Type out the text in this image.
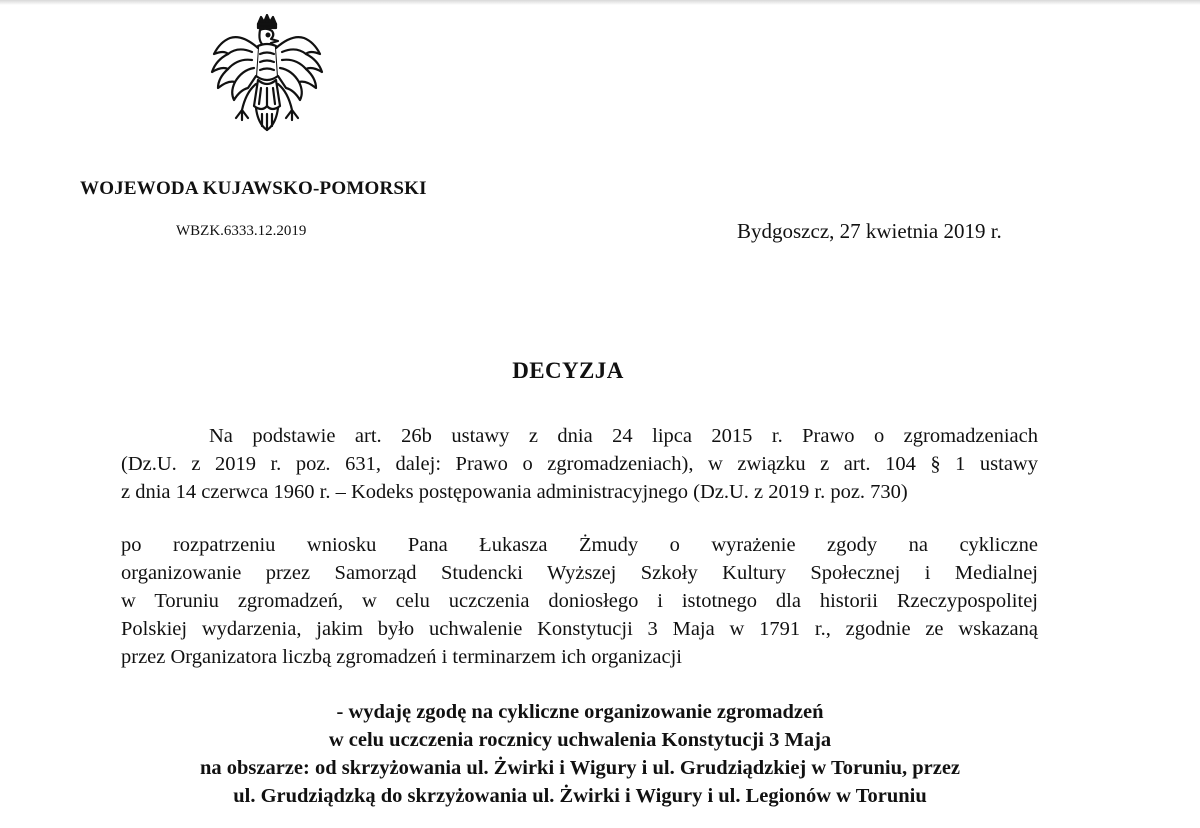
WOJEWODA KUJAWSKO-POMORSKI
WBZK.6333.12.2019	Bydgoszcz, 27 kwietnia 2019 r.
DECYZJA
Na podstawie art. 26b ustawy z dnia 24 lipca 2015 r. Prawo o zgromadzeniach
(Dz.U. z 2019 r. poz. 631, dalej: Prawo o zgromadzeniach), w związku z art. 104 § 1 ustawy
z dnia 14 czerwca 1960 r. – Kodeks postępowania administracyjnego (Dz.U. z 2019 r. poz. 730)
po rozpatrzeniu wniosku Pana Łukasza Żmudy o wyrażenie zgody na cykliczne
organizowanie przez Samorząd Studencki Wyższej Szkoły Kultury Społecznej i Medialnej
w Toruniu zgromadzeń, w celu uczczenia doniosłego i istotnego dla historii Rzeczypospolitej
Polskiej wydarzenia, jakim było uchwalenie Konstytucji 3 Maja w 1791 r., zgodnie ze wskazaną
przez Organizatora liczbą zgromadzeń i terminarzem ich organizacji
- wydaję zgodę na cykliczne organizowanie zgromadzeń
w celu uczczenia rocznicy uchwalenia Konstytucji 3 Maja
na obszarze: od skrzyżowania ul. Żwirki i Wigury i ul. Grudziądzkiej w Toruniu, przez
ul. Grudziądzką do skrzyżowania ul. Żwirki i Wigury i ul. Legionów w Toruniu
